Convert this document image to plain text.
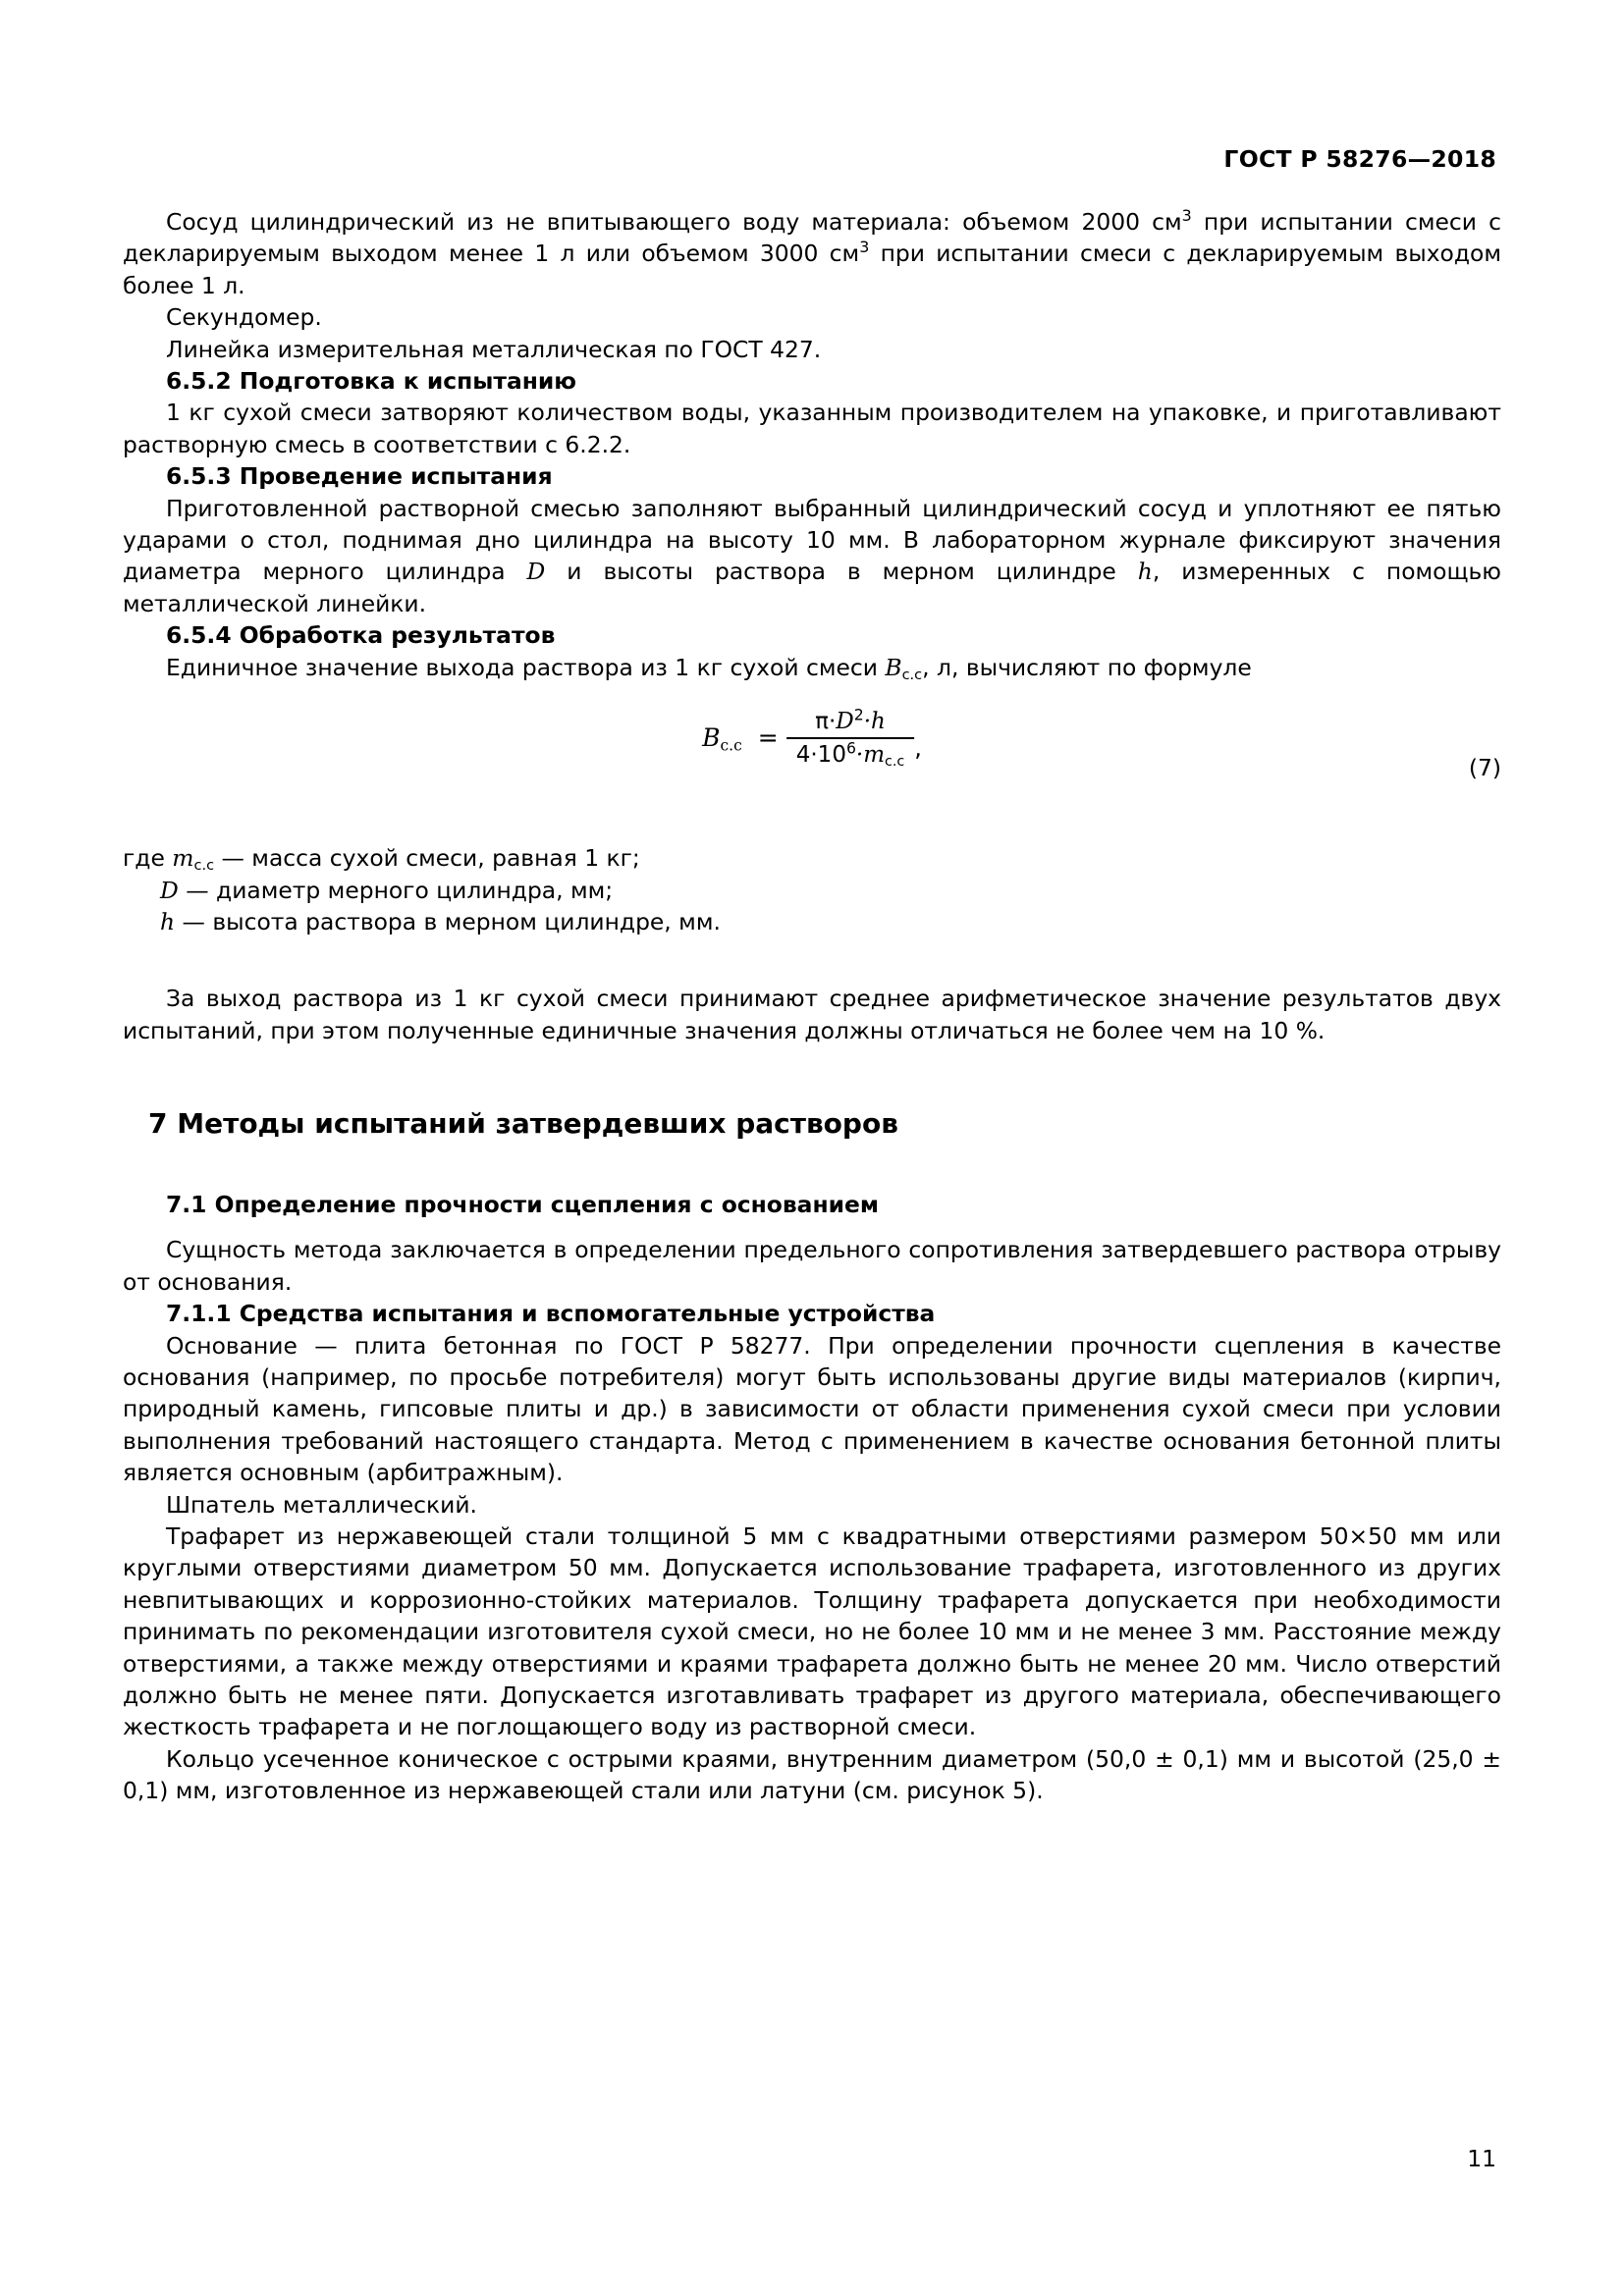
ГОСТ Р 58276—2018

Сосуд цилиндрический из не впитывающего воду материала: объемом 2000 $см^3$ при испытании смеси с декларируемым выходом менее 1 л или объемом 3000 $см^3$ при испытании смеси с декларируемым выходом более 1 л.

Секундомер.

Линейка измерительная металлическая по ГОСТ 427.

6.5.2 Подготовка к испытанию

1 кг сухой смеси затворяют количеством воды, указанным производителем на упаковке, и приготавливают растворную смесь в соответствии с 6.2.2.

6.5.3 Проведение испытания

Приготовленной растворной смесью заполняют выбранный цилиндрический сосуд и уплотняют ее пятью ударами о стол, поднимая дно цилиндра на высоту 10 мм. В лабораторном журнале фиксируют значения диаметра мерного цилиндра D и высоты раствора в мерном цилиндре h, измеренных с помощью металлической линейки.

6.5.4 Обработка результатов

Единичное значение выхода раствора из 1 кг сухой смеси $B_{с.с}$, л, вычисляют по формуле

$B_{с.с} = \frac{\pi\cdot D^2\cdot h}{4\cdot 10^6\cdot m_{с.с}}$ ,
(7)
где $m_{с.с}$ — масса сухой смеси, равная 1 кг;
D — диаметр мерного цилиндра, мм;
h — высота раствора в мерном цилиндре, мм.

За выход раствора из 1 кг сухой смеси принимают среднее арифметическое значение результатов двух испытаний, при этом полученные единичные значения должны отличаться не более чем на 10 %.

7 Методы испытаний затвердевших растворов

7.1 Определение прочности сцепления с основанием

Сущность метода заключается в определении предельного сопротивления затвердевшего раствора отрыву от основания.

7.1.1 Средства испытания и вспомогательные устройства

Основание — плита бетонная по ГОСТ Р 58277. При определении прочности сцепления в качестве основания (например, по просьбе потребителя) могут быть использованы другие виды материалов (кирпич, природный камень, гипсовые плиты и др.) в зависимости от области применения сухой смеси при условии выполнения требований настоящего стандарта. Метод с применением в качестве основания бетонной плиты является основным (арбитражным).

Шпатель металлический.

Трафарет из нержавеющей стали толщиной 5 мм с квадратными отверстиями размером 50×50 мм или круглыми отверстиями диаметром 50 мм. Допускается использование трафарета, изготовленного из других невпитывающих и коррозионно-стойких материалов. Толщину трафарета допускается при необходимости принимать по рекомендации изготовителя сухой смеси, но не более 10 мм и не менее 3 мм. Расстояние между отверстиями, а также между отверстиями и краями трафарета должно быть не менее 20 мм. Число отверстий должно быть не менее пяти. Допускается изготавливать трафарет из другого материала, обеспечивающего жесткость трафарета и не поглощающего воду из растворной смеси.

Кольцо усеченное коническое с острыми краями, внутренним диаметром (50,0 ± 0,1) мм и высотой (25,0 ± 0,1) мм, изготовленное из нержавеющей стали или латуни (см. рисунок 5).

11
